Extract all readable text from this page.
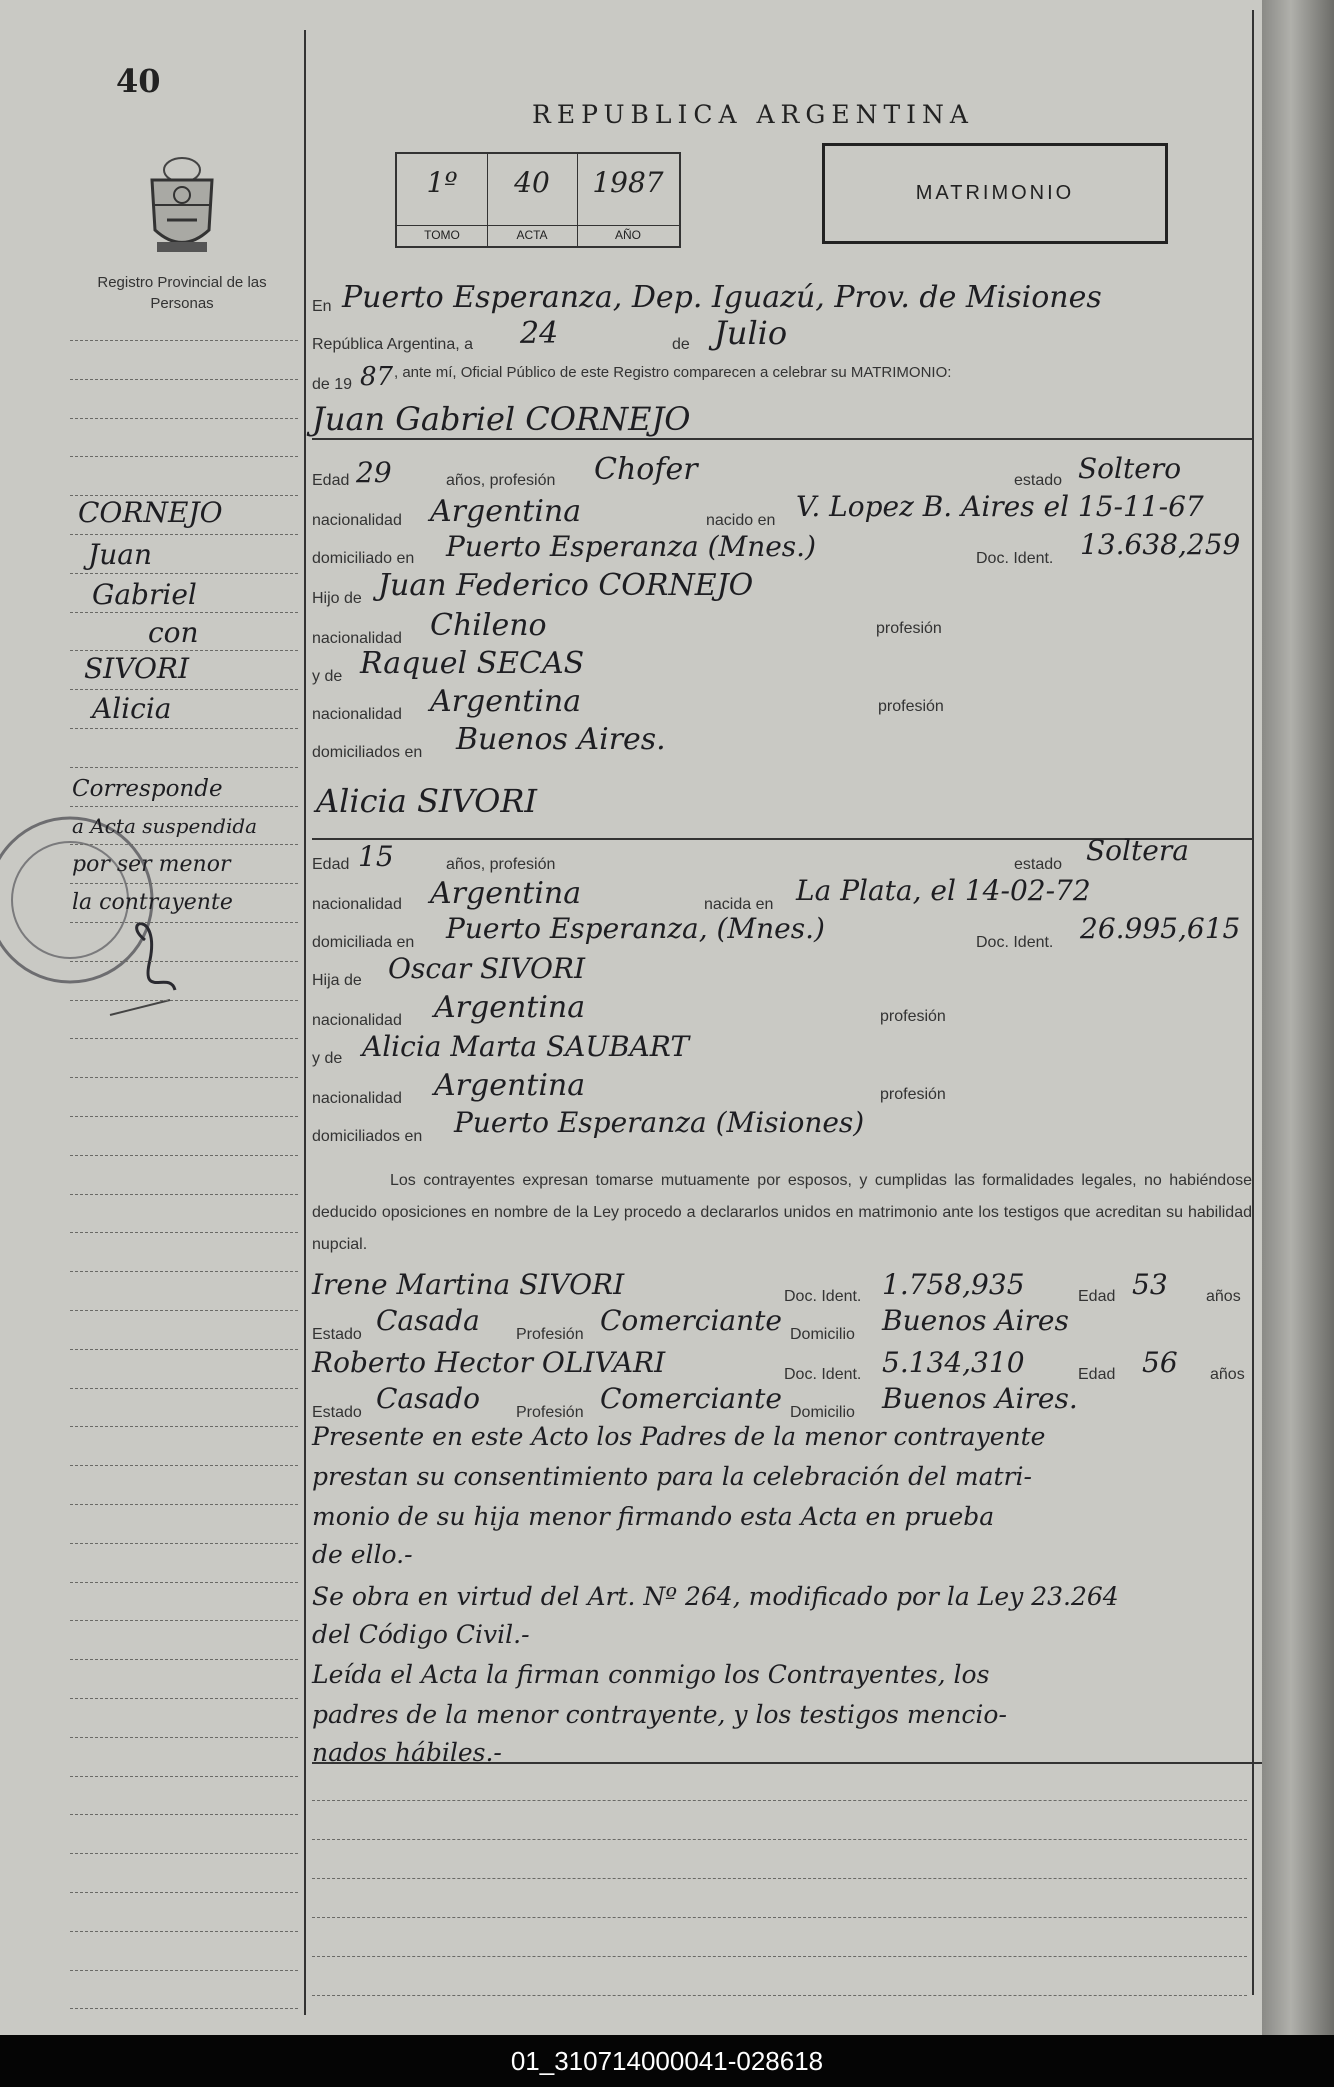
40
REPUBLICA ARGENTINA
1º
TOMO
40
ACTA
1987
AÑO
MATRIMONIO
Registro Provincial de las Personas
CORNEJO
Juan
Gabriel
con
SIVORI
Alicia
Corresponde
a Acta suspendida
por ser menor
la contrayente
En Puerto Esperanza, Dep. Iguazú, Prov. de Misiones
República Argentina, a 24	de Julio
de 19 87 , ante mí, Oficial Público de este Registro comparecen a celebrar su MATRIMONIO:
Juan Gabriel CORNEJO
Edad 29	años, profesión Chofer	estado Soltero
nacionalidad Argentina	nacido en V. Lopez B. Aires el 15-11-67
domiciliado en Puerto Esperanza (Mnes.)	Doc. Ident. 13.638,259
Hijo de Juan Federico CORNEJO
nacionalidad Chileno	profesión
y de Raquel SECAS
nacionalidad Argentina	profesión
domiciliados en Buenos Aires.
Alicia SIVORI
Edad 15	años, profesión	estado Soltera
nacionalidad Argentina	nacida en La Plata, el 14-02-72
domiciliada en Puerto Esperanza, (Mnes.)	Doc. Ident. 26.995,615
Hija de Oscar SIVORI
nacionalidad Argentina	profesión
y de Alicia Marta SAUBART
nacionalidad Argentina	profesión
domiciliados en Puerto Esperanza (Misiones)
Los contrayentes expresan tomarse mutuamente por esposos, y cumplidas las formalidades legales, no habiéndose deducido oposiciones en nombre de la Ley procedo a declararlos unidos en matrimonio ante los testigos que acreditan su habilidad nupcial.
Irene Martina SIVORI	Doc. Ident. 1.758,935	Edad 53 años
Estado Casada Profesión Comerciante Domicilio Buenos Aires
Roberto Hector OLIVARI	Doc. Ident. 5.134,310	Edad 56 años
Estado Casado Profesión Comerciante Domicilio Buenos Aires.
Presente en este Acto los Padres de la menor contrayente
prestan su consentimiento para la celebración del matri-
monio de su hija menor firmando esta Acta en prueba
de ello.-
Se obra en virtud del Art. Nº 264, modificado por la Ley 23.264
del Código Civil.-
Leída el Acta la firman conmigo los Contrayentes, los
padres de la menor contrayente, y los testigos mencio-
nados hábiles.-
01_310714000041-028618
